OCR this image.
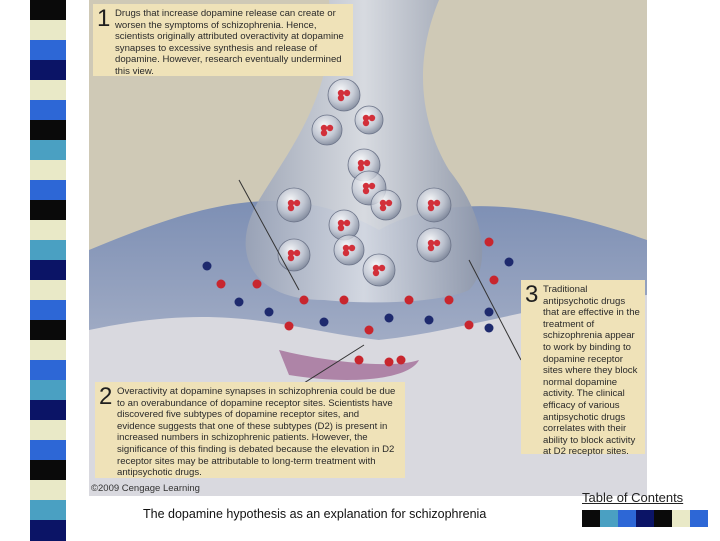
1 Drugs that increase dopamine release can create or worsen the symptoms of schizophrenia. Hence, scientists originally attributed overactivity at dopamine synapses to excessive synthesis and release of dopamine. However, research eventually undermined this view.
2 Overactivity at dopamine synapses in schizophrenia could be due to an overabundance of dopamine receptor sites. Scientists have discovered five subtypes of dopamine receptor sites, and evidence suggests that one of these subtypes (D2) is present in increased numbers in schizophrenic patients. However, the significance of this finding is debated because the elevation in D2 receptor sites may be attributable to long-term treatment with antipsychotic drugs.
3 Traditional antipsychotic drugs that are effective in the treatment of schizophrenia appear to work by binding to dopamine receptor sites where they block normal dopamine activity. The clinical efficacy of various antipsychotic drugs correlates with their ability to block activity at D2 receptor sites.
©2009 Cengage Learning
Table of Contents
The dopamine hypothesis as an explanation for schizophrenia
